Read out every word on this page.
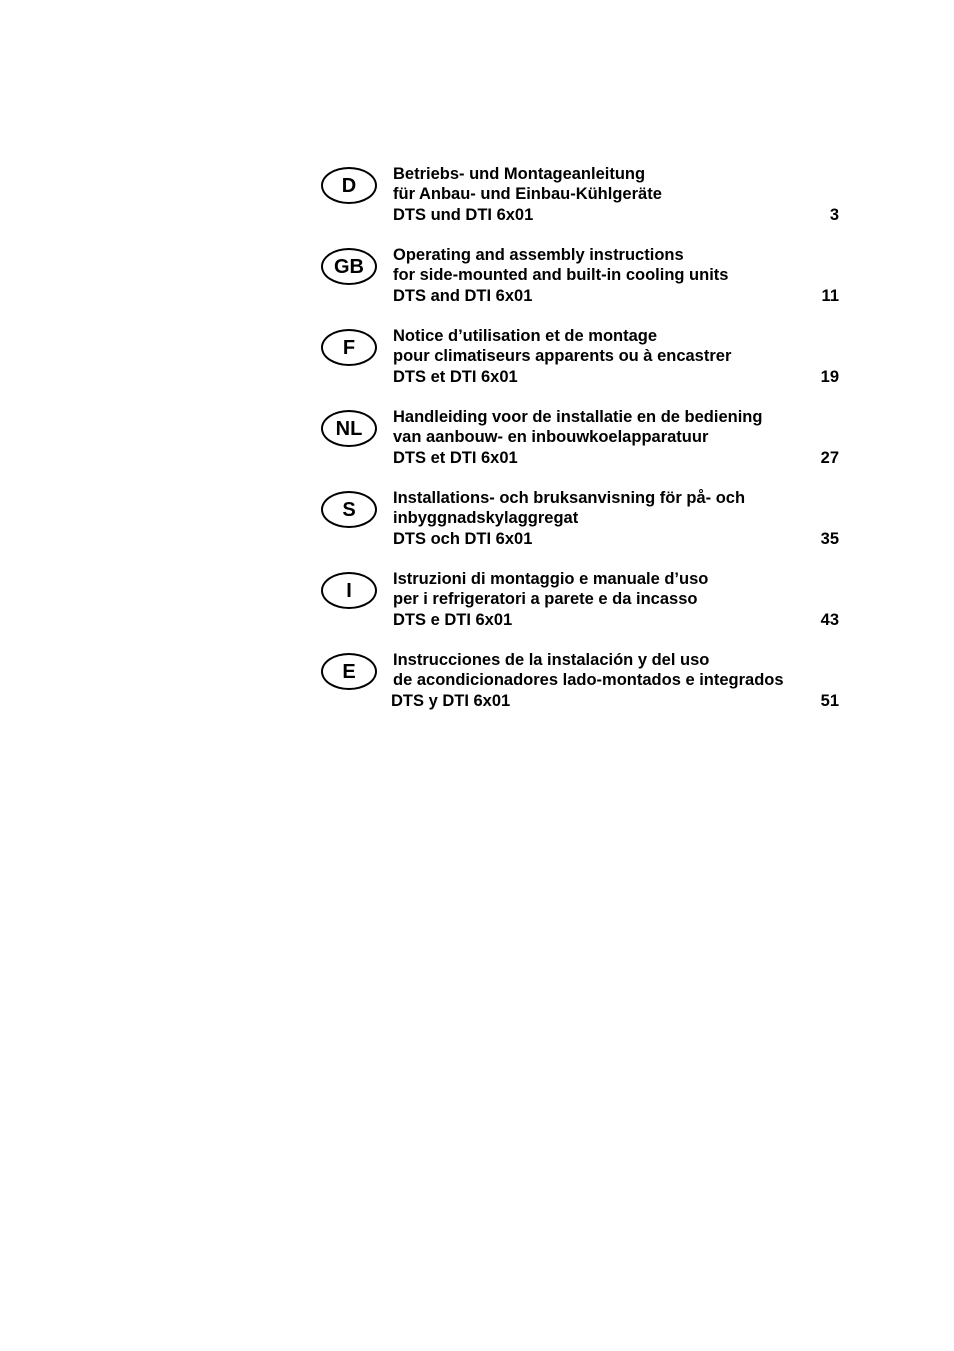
D
Betriebs- und Montageanleitung
für Anbau- und Einbau-Kühlgeräte
DTS und DTI 6x01	3
GB
Operating and assembly instructions
for side-mounted and built-in cooling units
DTS and DTI 6x01	11
F
Notice d’utilisation et de montage
pour climatiseurs apparents ou à encastrer
DTS et DTI 6x01	19
NL
Handleiding voor de installatie en de bediening
van aanbouw- en inbouwkoelapparatuur
DTS et DTI 6x01	27
S
Installations- och bruksanvisning för på- och
inbyggnadskylaggregat
DTS och DTI 6x01	35
I
Istruzioni di montaggio e manuale d’uso
per i refrigeratori a parete e da incasso
DTS e DTI 6x01	43
E
Instrucciones de la instalación y del uso
de acondicionadores lado-montados e integrados
DTS y DTI 6x01	51
